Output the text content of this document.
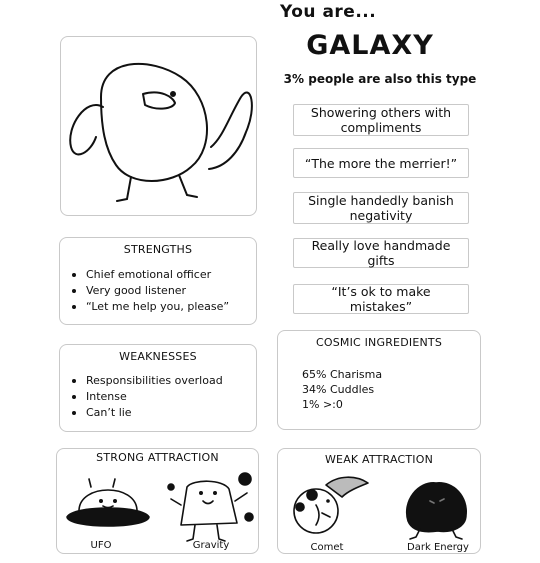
You are...
GALAXY
3% people are also this type
Showering others with compliments
“The more the merrier!”
Single handedly banish negativity
Really love handmade gifts
“It’s ok to make mistakes”
STRENGTHS
Chief emotional officer
Very good listener
“Let me help you, please”
WEAKNESSES
Responsibilities overload
Intense
Can’t lie
COSMIC INGREDIENTS
65% Charisma
34% Cuddles
1% >:0
STRONG ATTRACTION
UFO	Gravity
WEAK ATTRACTION
Comet	Dark Energy
